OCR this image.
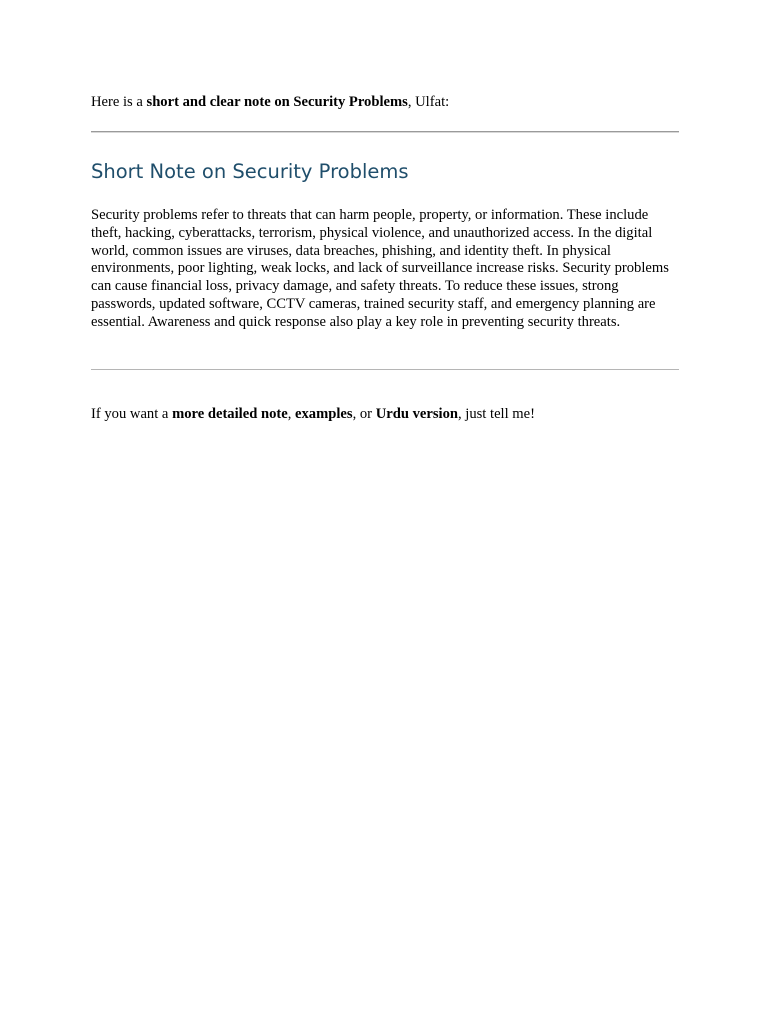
Here is a short and clear note on Security Problems, Ulfat:
Short Note on Security Problems

Security problems refer to threats that can harm people, property, or information. These include theft, hacking, cyberattacks, terrorism, physical violence, and unauthorized access. In the digital world, common issues are viruses, data breaches, phishing, and identity theft. In physical environments, poor lighting, weak locks, and lack of surveillance increase risks. Security problems can cause financial loss, privacy damage, and safety threats. To reduce these issues, strong passwords, updated software, CCTV cameras, trained security staff, and emergency planning are essential. Awareness and quick response also play a key role in preventing security threats.

If you want a more detailed note, examples, or Urdu version, just tell me!
